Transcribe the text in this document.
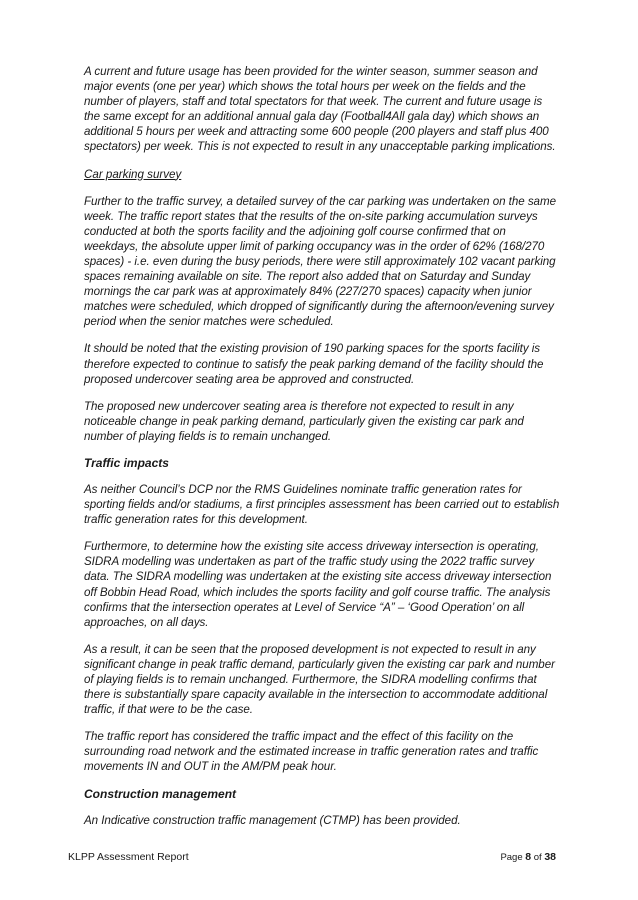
A current and future usage has been provided for the winter season, summer season and major events (one per year) which shows the total hours per week on the fields and the number of players, staff and total spectators for that week. The current and future usage is the same except for an additional annual gala day (Football4All gala day) which shows an additional 5 hours per week and attracting some 600 people (200 players and staff plus 400 spectators) per week. This is not expected to result in any unacceptable parking implications.

Car parking survey

Further to the traffic survey, a detailed survey of the car parking was undertaken on the same week. The traffic report states that the results of the on-site parking accumulation surveys conducted at both the sports facility and the adjoining golf course confirmed that on weekdays, the absolute upper limit of parking occupancy was in the order of 62% (168/270 spaces) - i.e. even during the busy periods, there were still approximately 102 vacant parking spaces remaining available on site. The report also added that on Saturday and Sunday mornings the car park was at approximately 84% (227/270 spaces) capacity when junior matches were scheduled, which dropped of significantly during the afternoon/evening survey period when the senior matches were scheduled.

It should be noted that the existing provision of 190 parking spaces for the sports facility is therefore expected to continue to satisfy the peak parking demand of the facility should the proposed undercover seating area be approved and constructed.

The proposed new undercover seating area is therefore not expected to result in any noticeable change in peak parking demand, particularly given the existing car park and number of playing fields is to remain unchanged.

Traffic impacts

As neither Council’s DCP nor the RMS Guidelines nominate traffic generation rates for sporting fields and/or stadiums, a first principles assessment has been carried out to establish traffic generation rates for this development.

Furthermore, to determine how the existing site access driveway intersection is operating, SIDRA modelling was undertaken as part of the traffic study using the 2022 traffic survey data. The SIDRA modelling was undertaken at the existing site access driveway intersection off Bobbin Head Road, which includes the sports facility and golf course traffic. The analysis confirms that the intersection operates at Level of Service “A” – ‘Good Operation’ on all approaches, on all days.

As a result, it can be seen that the proposed development is not expected to result in any significant change in peak traffic demand, particularly given the existing car park and number of playing fields is to remain unchanged. Furthermore, the SIDRA modelling confirms that there is substantially spare capacity available in the intersection to accommodate additional traffic, if that were to be the case.

The traffic report has considered the traffic impact and the effect of this facility on the surrounding road network and the estimated increase in traffic generation rates and traffic movements IN and OUT in the AM/PM peak hour.

Construction management

An Indicative construction traffic management (CTMP) has been provided.

KLPP Assessment Report	Page 8 of 38
